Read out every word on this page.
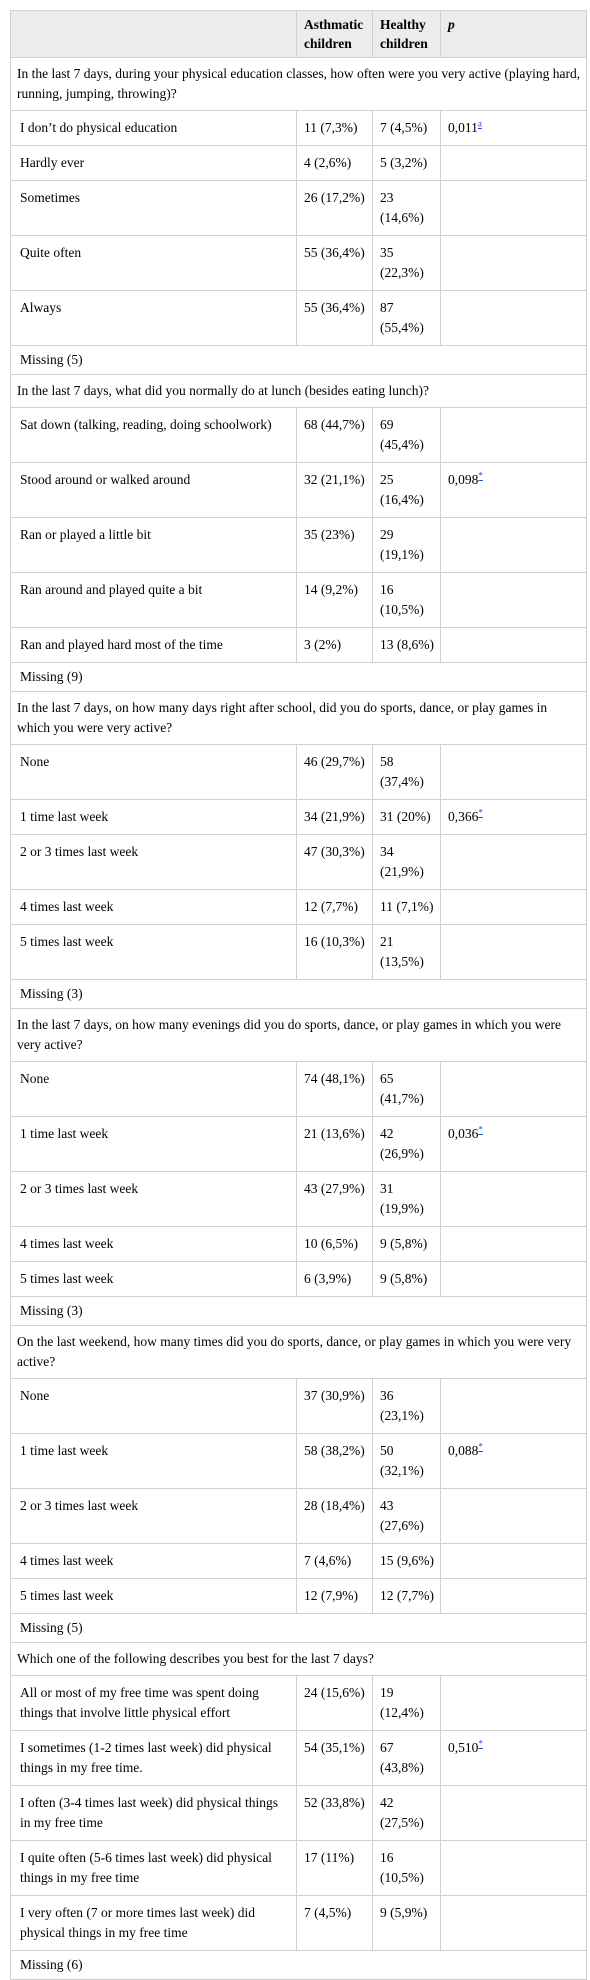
	Asthmatic children	Healthy children	p
In the last 7 days, during your physical education classes, how often were you very active (playing hard, running, jumping, throwing)?			
I don’t do physical education	11 (7,3%)	7 (4,5%)	0,011$^a$
Hardly ever	4 (2,6%)	5 (3,2%)	
Sometimes	26 (17,2%)	23 (14,6%)	
Quite often	55 (36,4%)	35 (22,3%)	
Always	55 (36,4%)	87 (55,4%)	
Missing (5)			
In the last 7 days, what did you normally do at lunch (besides eating lunch)?			
Sat down (talking, reading, doing schoolwork)	68 (44,7%)	69 (45,4%)	
Stood around or walked around	32 (21,1%)	25 (16,4%)	0,098*
Ran or played a little bit	35 (23%)	29 (19,1%)	
Ran around and played quite a bit	14 (9,2%)	16 (10,5%)	
Ran and played hard most of the time	3 (2%)	13 (8,6%)	
Missing (9)			
In the last 7 days, on how many days right after school, did you do sports, dance, or play games in which you were very active?			
None	46 (29,7%)	58 (37,4%)	
1 time last week	34 (21,9%)	31 (20%)	0,366*
2 or 3 times last week	47 (30,3%)	34 (21,9%)	
4 times last week	12 (7,7%)	11 (7,1%)	
5 times last week	16 (10,3%)	21 (13,5%)	
Missing (3)			
In the last 7 days, on how many evenings did you do sports, dance, or play games in which you were very active?			
None	74 (48,1%)	65 (41,7%)	
1 time last week	21 (13,6%)	42 (26,9%)	0,036*
2 or 3 times last week	43 (27,9%)	31 (19,9%)	
4 times last week	10 (6,5%)	9 (5,8%)	
5 times last week	6 (3,9%)	9 (5,8%)	
Missing (3)			
On the last weekend, how many times did you do sports, dance, or play games in which you were very active?			
None	37 (30,9%)	36 (23,1%)	
1 time last week	58 (38,2%)	50 (32,1%)	0,088*
2 or 3 times last week	28 (18,4%)	43 (27,6%)	
4 times last week	7 (4,6%)	15 (9,6%)	
5 times last week	12 (7,9%)	12 (7,7%)	
Missing (5)			
Which one of the following describes you best for the last 7 days?			
All or most of my free time was spent doing things that involve little physical effort	24 (15,6%)	19 (12,4%)	
I sometimes (1-2 times last week) did physical things in my free time.	54 (35,1%)	67 (43,8%)	0,510*
I often (3-4 times last week) did physical things in my free time	52 (33,8%)	42 (27,5%)	
I quite often (5-6 times last week) did physical things in my free time	17 (11%)	16 (10,5%)	
I very often (7 or more times last week) did physical things in my free time	7 (4,5%)	9 (5,9%)	
Missing (6)			
